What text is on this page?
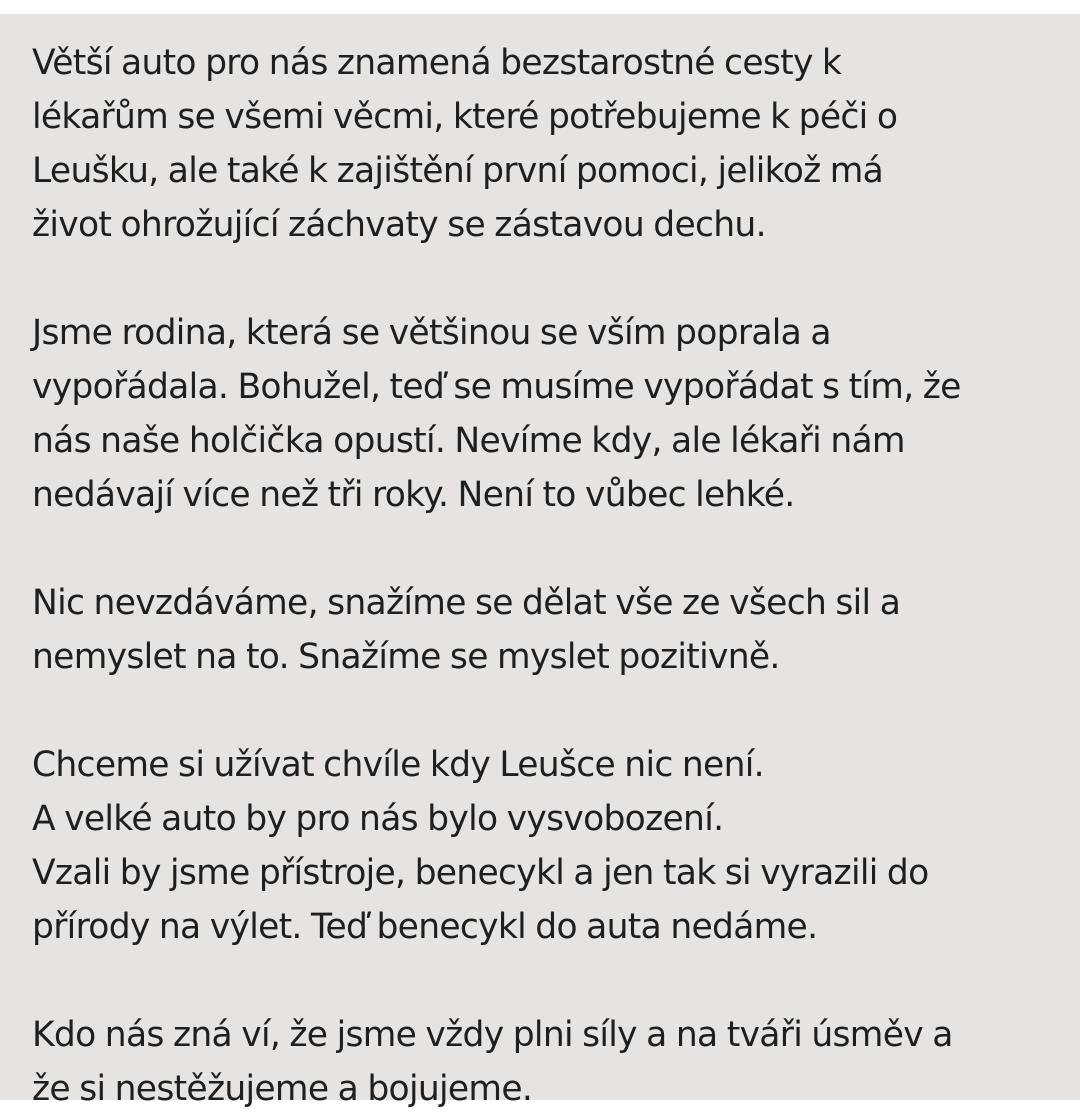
Větší auto pro nás znamená bezstarostné cesty k
lékařům se všemi věcmi, které potřebujeme k péči o
Leušku, ale také k zajištění první pomoci, jelikož má
život ohrožující záchvaty se zástavou dechu.

Jsme rodina, která se většinou se vším poprala a
vypořádala. Bohužel, teď se musíme vypořádat s tím, že
nás naše holčička opustí. Nevíme kdy, ale lékaři nám
nedávají více než tři roky. Není to vůbec lehké.

Nic nevzdáváme, snažíme se dělat vše ze všech sil a
nemyslet na to. Snažíme se myslet pozitivně.

Chceme si užívat chvíle kdy Leušce nic není.
A velké auto by pro nás bylo vysvobození.
Vzali by jsme přístroje, benecykl a jen tak si vyrazili do
přírody na výlet. Teď benecykl do auta nedáme.

Kdo nás zná ví, že jsme vždy plni síly a na tváři úsměv a
že si nestěžujeme a bojujeme.
